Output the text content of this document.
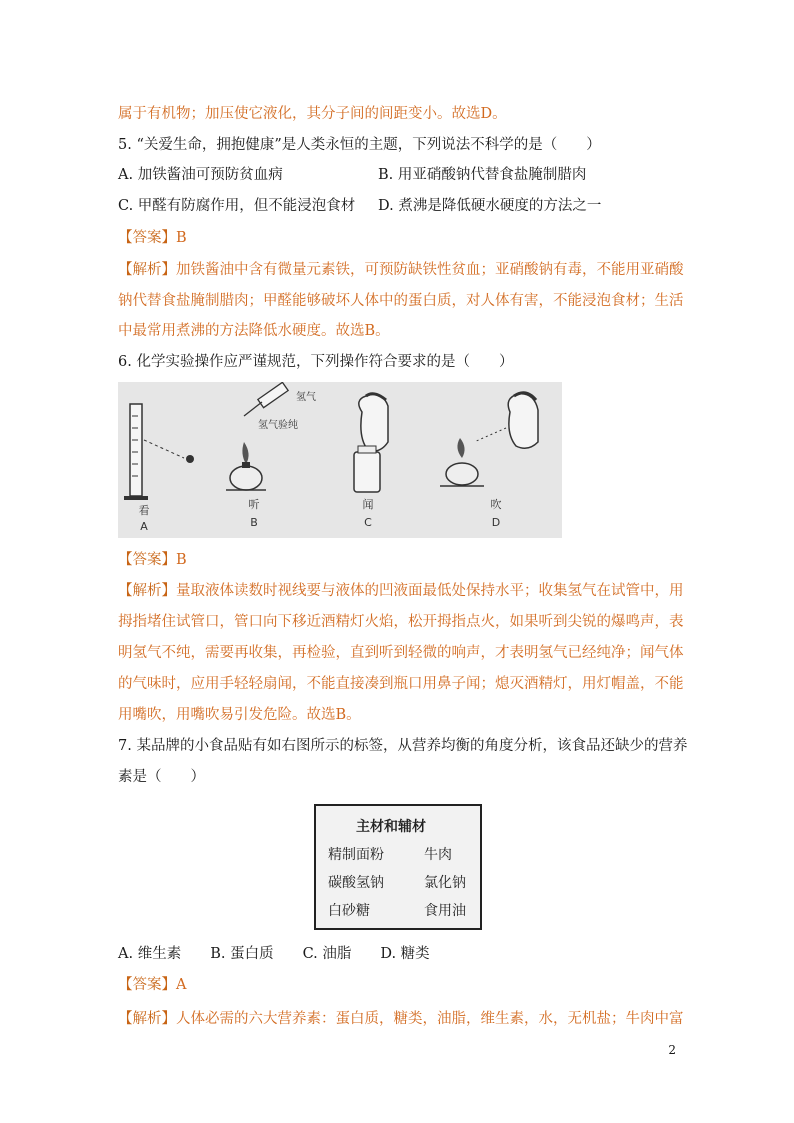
属于有机物；加压使它液化，其分子间的间距变小。故选D。

5. “关爱生命，拥抱健康”是人类永恒的主题，下列说法不科学的是（　　）

A. 加铁酱油可预防贫血病	B. 用亚硝酸钠代替食盐腌制腊肉

C. 甲醛有防腐作用，但不能浸泡食材 D. 煮沸是降低硬水硬度的方法之一

【答案】B

【解析】加铁酱油中含有微量元素铁，可预防缺铁性贫血；亚硝酸钠有毒，不能用亚硝酸

钠代替食盐腌制腊肉；甲醛能够破坏人体中的蛋白质，对人体有害，不能浸泡食材；生活

中最常用煮沸的方法降低水硬度。故选B。

6. 化学实验操作应严谨规范，下列操作符合要求的是（　　）

氢气
氢气验纯
看
A
听
B
闻
C
吹
D

【答案】B

【解析】量取液体读数时视线要与液体的凹液面最低处保持水平；收集氢气在试管中，用

拇指堵住试管口，管口向下移近酒精灯火焰，松开拇指点火，如果听到尖锐的爆鸣声，表

明氢气不纯，需要再收集，再检验，直到听到轻微的响声，才表明氢气已经纯净；闻气体

的气味时，应用手轻轻扇闻，不能直接凑到瓶口用鼻子闻；熄灭酒精灯，用灯帽盖，不能

用嘴吹，用嘴吹易引发危险。故选B。

7. 某品牌的小食品贴有如右图所示的标签，从营养均衡的角度分析，该食品还缺少的营养

素是（　　）

主材和辅材
精制面粉	牛肉
碳酸氢钠	氯化钠
白砂糖	食用油

A. 维生素　　B. 蛋白质　　C. 油脂　　D. 糖类

【答案】A

【解析】人体必需的六大营养素：蛋白质，糖类，油脂，维生素，水，无机盐；牛肉中富

2
